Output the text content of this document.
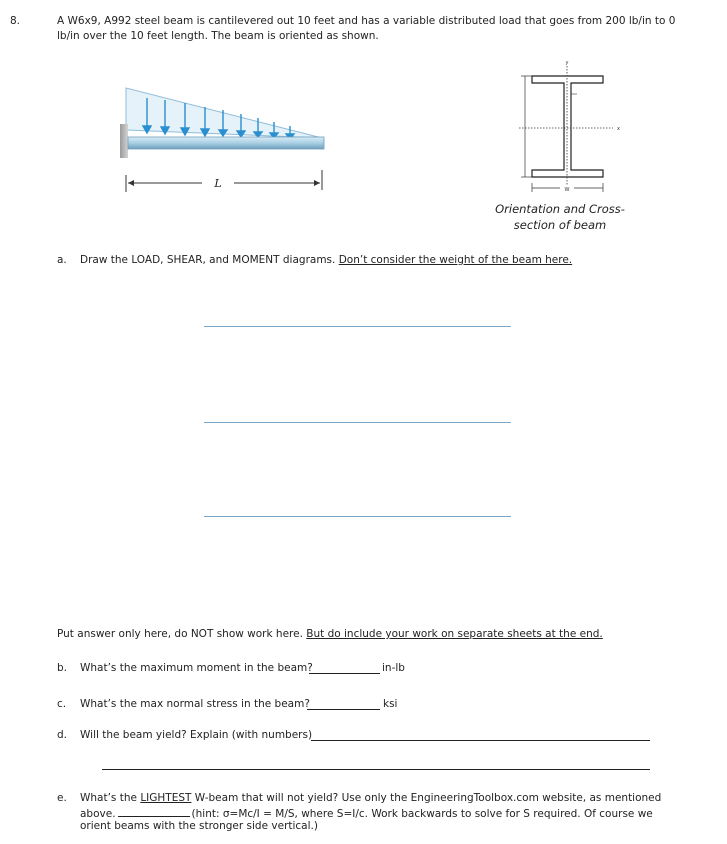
8.	A W6x9, A992 steel beam is cantilevered out 10 feet and has a variable distributed load that goes from 200 lb/in to 0
lb/in over the 10 feet length. The beam is oriented as shown.
L
y
x
W
Orientation and Cross-
section of beam
a. Draw the LOAD, SHEAR, and MOMENT diagrams. Don’t consider the weight of the beam here.
Put answer only here, do NOT show work here. But do include your work on separate sheets at the end.
b. What’s the maximum moment in the beam?	in-lb
c. What’s the max normal stress in the beam?	ksi
d. Will the beam yield? Explain (with numbers)
e. What’s the LIGHTEST W-beam that will not yield? Use only the EngineeringToolbox.com website, as mentioned
above.	(hint: σ=Mc/I = M/S, where S=I/c. Work backwards to solve for S required. Of course we
orient beams with the stronger side vertical.)
